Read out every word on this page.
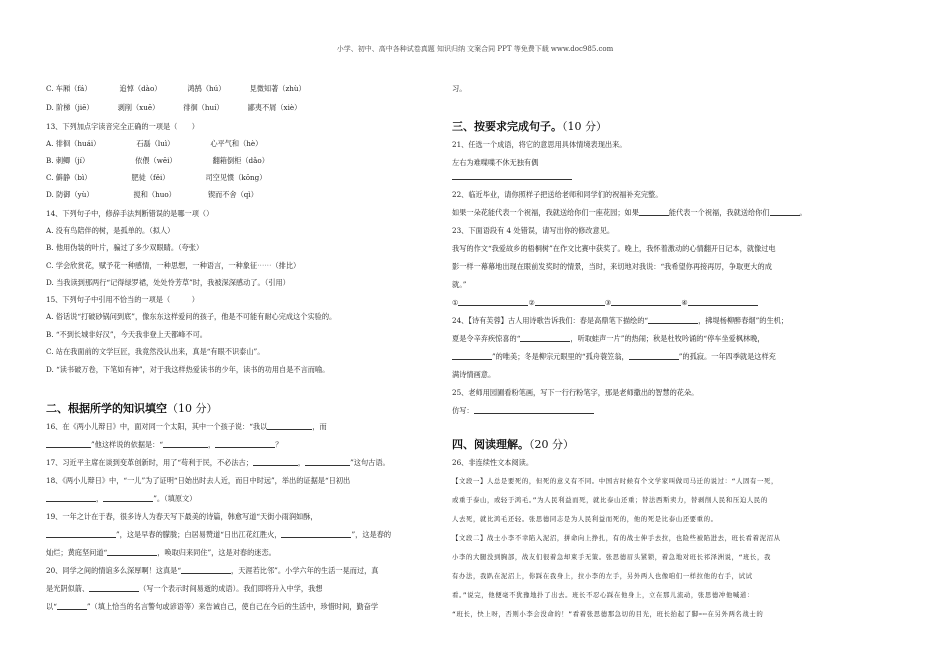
小学、初中、高中各种试卷真题 知识归纳 文案合同 PPT 等免费下载 www.doc985.com
C. 车厢（fá）	追悼（dào）	鸿鹄（hú）	見微知著（zhù）
D. 阶梯（jiē）	剥削（xuē）	徘徊（huí）	鄙夷不屑（xiè）
13、下列加点字读音完全正确的一项是（　　）
A. 徘徊（huái）	石磊（luì）	心平气和（hè）
B. 刺鲫（jí）	依偎（wēi）	翻箱倒柜（dǎo）
C. 僻静（bì）	肥徒（fěi）	司空见惯（kōng）
D. 防御（yù）	搅和（huo）	锲而不舍（qì）
14、下列句子中，修辞手法判断错误的是哪一项（）
A. 没有鸟陪伴的树，是孤单的。（拟人）
B. 他用伪装的叶片，骗过了多少双眼睛。（夸张）
C. 学会欣赏花，赋予花一种感情，一种思想，一种语言，一种象征⋯⋯（排比）
D. 当我读到那两行“记得绿罗裙，处处怜芳草”时，我被深深感动了。（引用）
15、下列句子中引用不恰当的一项是（　　　）
A. 俗话说“打破砂锅问到底”，像东东这样爱问的孩子，他是不可能有耐心完成这个实验的。
B. “不到长城非好汉”，今天我非登上天都峰不可。
C. 站在我面前的文学巨匠，我竟然没认出来，真是“有眼不识泰山”。
D. “读书破万卷，下笔如有神”，对于我这样热爱读书的少年，读书的功用自是不言而喻。
二、根据所学的知识填空（10 分）
16、在《两小儿辩日》中，面对同一个太阳，其中一个孩子说：“我以	，而
”他这样说的依据是：“	，	？
17、习近平主席在谈到变革创新时，用了“苟利于民，不必法古；	，	”这句古语。
18、《两小儿辩日》中，“一儿”为了证明“日始出时去人近，而日中时远”，举出的证据是“日初出
，	”。（填原文）
19、一年之计在于春，很多诗人为春天写下最美的诗篇，韩愈写道“天街小雨润如酥，
”，这是早春的朦胧；白居易赞道“日出江花红胜火，	”，这是春的
灿烂；黄庭坚问道“	，唤取归来同住”，这是对春的迷恋。
20、同学之间的情谊多么深厚啊！这真是“	，天涯若比邻”。小学六年的生活一晃而过，真
是光阴似箭、	（写一个表示时间易逝的成语）。我们即将升入中学，我想
以“	”（填上恰当的名言警句或谚语等）来告诫自己，使自己在今后的生活中，珍惜时间，勤奋学
习。
三、按要求完成句子。（10 分）
21、任选一个成语，将它的意思用具体情境表现出来。
左右为难喋喋不休无独有偶
22、临近毕业，请你照样子把送给老师和同学们的祝福补充完整。
如果一朵花能代表一个祝福，我就送给你们一座花园；如果	能代表一个祝福，我就送给你们	。
23、下面语段有 4 处错误，请写出你的修改意见。
我写的作文“我爱故乡的梧桐树”在作文比赛中获奖了。晚上，我怀着激动的心情翻开日记本，就像过电
影一样一幕幕地出现在眼前发奖时的情景，当时，来切地对我说：“我希望你再接再厉，争取更大的成
就。”
①	②	③	④
24、【诗有芙蓉】古人用诗歌告诉我们：春是高鼎笔下描绘的“	，拂堤杨柳醉春烟”的生机；
夏是令辛弃疾惊喜的“	，听取蛙声一片”的热闹；秋是杜牧吟诵的“停车坐爱枫林晚，
”的唯美；冬是柳宗元眼里的“孤舟蓑笠翁，	”的孤寂。一年四季就是这样充
满诗情画意。
25、老师用园圃看粉笔画，写下一行行粉笔字，那是老师撒出的智慧的花朵。
仿写：
四、阅读理解。（20 分）
26、非连续性文本阅读。
【文段一】人总是要死的，但死的意义有不同。中国古时候有个文学家叫做司马迁的说过：“人固有一死，
或重于泰山，或轻于鸿毛。”为人民利益而死，就比泰山还重；替法西斯卖力，替剥削人民和压迫人民的
人去死，就比鸿毛还轻。张思德同志是为人民利益而死的，他的死是比泰山还要重的。
【文段二】战士小李不幸陷入泥沼，拼命向上挣扎，有的战士伸手去拉，也险些被陷进去，班长看着泥沼从
小李的大腿没到胸部，战友们很着急却束手无策。张思德眉头紧锁，着急地对班长祁泽洲说，“班长，我
有办法，我趴在泥沼上，你踩在我身上，拉小李的左手，另外两人也像咱们一样拉他的右手，试试
看。”说完，他便毫不犹豫地扑了出去。班长不忍心踩在他身上，立在那儿流动，张思德冲他喊道：
“班长，快上呀，否则小李会没命的！”看着张思德那急切的目光，班长抬起了脚⋯⋯在另外两名战士的
